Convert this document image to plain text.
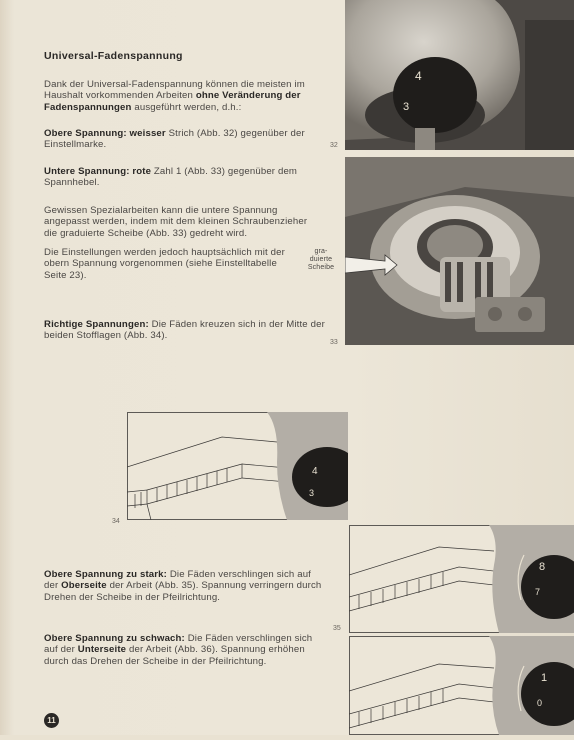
Universal-Fadenspannung
Dank der Universal-Fadenspannung können die meisten im Haushalt vorkommenden Arbeiten ohne Veränderung der Fadenspannungen ausgeführt werden, d.h.:
Obere Spannung: weisser Strich (Abb. 32) gegenüber der Einstellmarke.
Untere Spannung: rote Zahl 1 (Abb. 33) gegenüber dem Spannhebel.
Gewissen Spezialarbeiten kann die untere Spannung angepasst werden, indem mit dem kleinen Schraubenzieher die graduierte Scheibe (Abb. 33) gedreht wird.
Die Einstellungen werden jedoch hauptsächlich mit der obern Spannung vorgenommen (siehe Einstelltabelle Seite 23).
gra-
duierte
Scheibe
Richtige Spannungen: Die Fäden kreuzen sich in der Mitte der beiden Stofflagen (Abb. 34).
Obere Spannung zu stark: Die Fäden verschlingen sich auf der Oberseite der Arbeit (Abb. 35). Spannung verringern durch Drehen der Scheibe in der Pfeilrichtung.
Obere Spannung zu schwach: Die Fäden verschlingen sich auf der Unterseite der Arbeit (Abb. 36). Spannung erhöhen durch das Drehen der Scheibe in der Pfeilrichtung.
32
33
34
35
4
3
4
3
8
7
1
0
11
